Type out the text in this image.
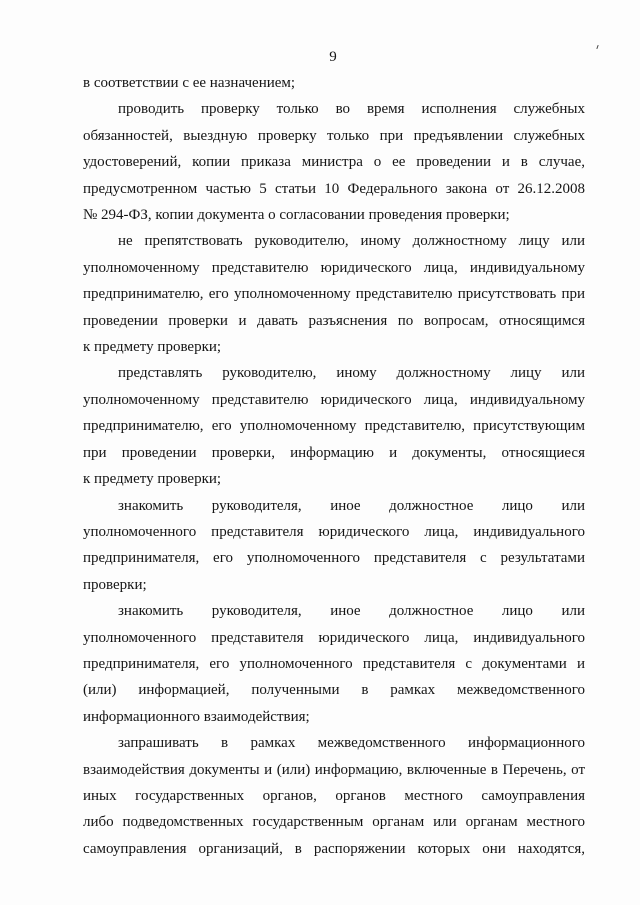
9
в соответствии с ее назначением;
проводить проверку только во время исполнения служебных
обязанностей, выездную проверку только при предъявлении служебных
удостоверений, копии приказа министра о ее проведении и в случае,
предусмотренном частью 5 статьи 10 Федерального закона от 26.12.2008
№ 294-ФЗ, копии документа о согласовании проведения проверки;
не препятствовать руководителю, иному должностному лицу или
уполномоченному представителю юридического лица, индивидуальному
предпринимателю, его уполномоченному представителю присутствовать при
проведении проверки и давать разъяснения по вопросам, относящимся
к предмету проверки;
представлять руководителю, иному должностному лицу или
уполномоченному представителю юридического лица, индивидуальному
предпринимателю, его уполномоченному представителю, присутствующим
при проведении проверки, информацию и документы, относящиеся
к предмету проверки;
знакомить руководителя, иное должностное лицо или
уполномоченного представителя юридического лица, индивидуального
предпринимателя, его уполномоченного представителя с результатами
проверки;
знакомить руководителя, иное должностное лицо или
уполномоченного представителя юридического лица, индивидуального
предпринимателя, его уполномоченного представителя с документами и
(или) информацией, полученными в рамках межведомственного
информационного взаимодействия;
запрашивать в рамках межведомственного информационного
взаимодействия документы и (или) информацию, включенные в Перечень, от
иных государственных органов, органов местного самоуправления
либо подведомственных государственным органам или органам местного
самоуправления организаций, в распоряжении которых они находятся,
